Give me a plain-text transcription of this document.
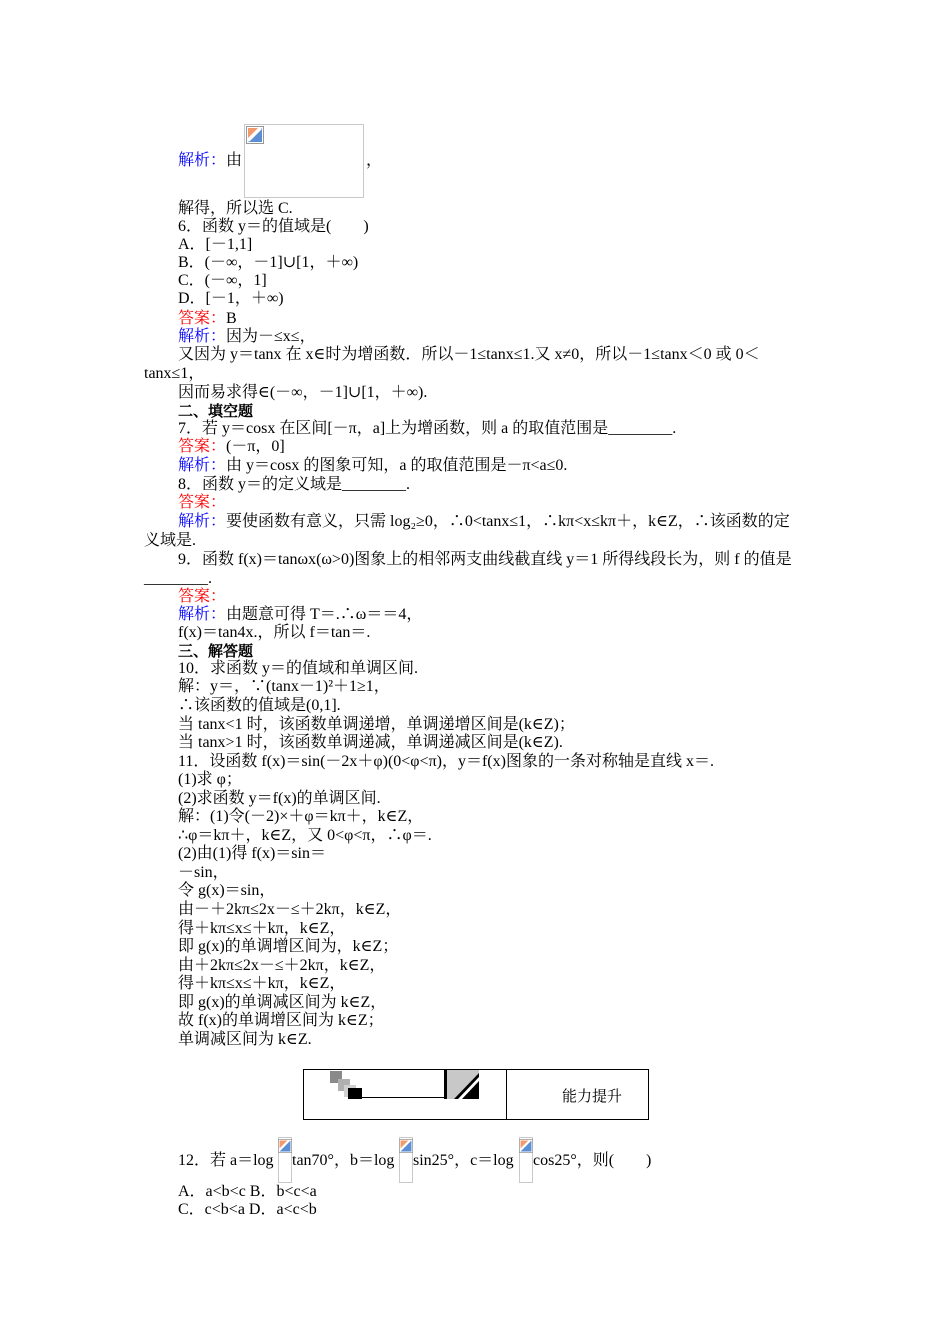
解析：由	，
解得，所以选 C.
6．函数 y＝的值域是(　　)
A．[－1,1]
B．(－∞，－1]∪[1，＋∞)
C．(－∞，1]
D．[－1，＋∞)
答案：B
解析：因为－≤x≤，
又因为 y＝tanx 在 x∈时为增函数．所以－1≤tanx≤1.又 x≠0，所以－1≤tanx＜0 或 0＜
tanx≤1，
因而易求得∈(－∞，－1]∪[1，＋∞).
二、填空题
7．若 y＝cosx 在区间[－π，a]上为增函数，则 a 的取值范围是________.
答案：(－π，0]
解析：由 y＝cosx 的图象可知，a 的取值范围是－π<a≤0.
8．函数 y＝的定义域是________.
答案：
解析：要使函数有意义，只需 log₂≥0，∴0<tanx≤1，∴kπ<x≤kπ＋，k∈Z，∴该函数的定
义域是.
9．函数 f(x)＝tanωx(ω>0)图象上的相邻两支曲线截直线 y＝1 所得线段长为，则 f 的值是
________.
答案：
解析：由题意可得 T＝.∴ω＝＝4，
f(x)＝tan4x.，所以 f＝tan＝.
三、解答题
10．求函数 y＝的值域和单调区间.
解：y＝，∵(tanx－1)²＋1≥1，
∴该函数的值域是(0,1].
当 tanx<1 时，该函数单调递增，单调递增区间是(k∈Z)；
当 tanx>1 时，该函数单调递减，单调递减区间是(k∈Z).
11．设函数 f(x)＝sin(－2x＋φ)(0<φ<π)，y＝f(x)图象的一条对称轴是直线 x＝.
(1)求 φ；
(2)求函数 y＝f(x)的单调区间.
解：(1)令(－2)×＋φ＝kπ＋，k∈Z，
∴φ＝kπ＋，k∈Z，又 0<φ<π，∴φ＝.
(2)由(1)得 f(x)＝sin＝
－sin，
令 g(x)＝sin，
由－＋2kπ≤2x－≤＋2kπ，k∈Z，
得＋kπ≤x≤＋kπ，k∈Z，
即 g(x)的单调增区间为，k∈Z；
由＋2kπ≤2x－≤＋2kπ，k∈Z，
得＋kπ≤x≤＋kπ，k∈Z，
即 g(x)的单调减区间为 k∈Z，
故 f(x)的单调增区间为 k∈Z；
单调减区间为 k∈Z.
能力提升
12．若 a＝log tan70°，b＝log sin25°，c＝log cos25°，则(　　)
A．a<b<c B．b<c<a
C．c<b<a D．a<c<b
